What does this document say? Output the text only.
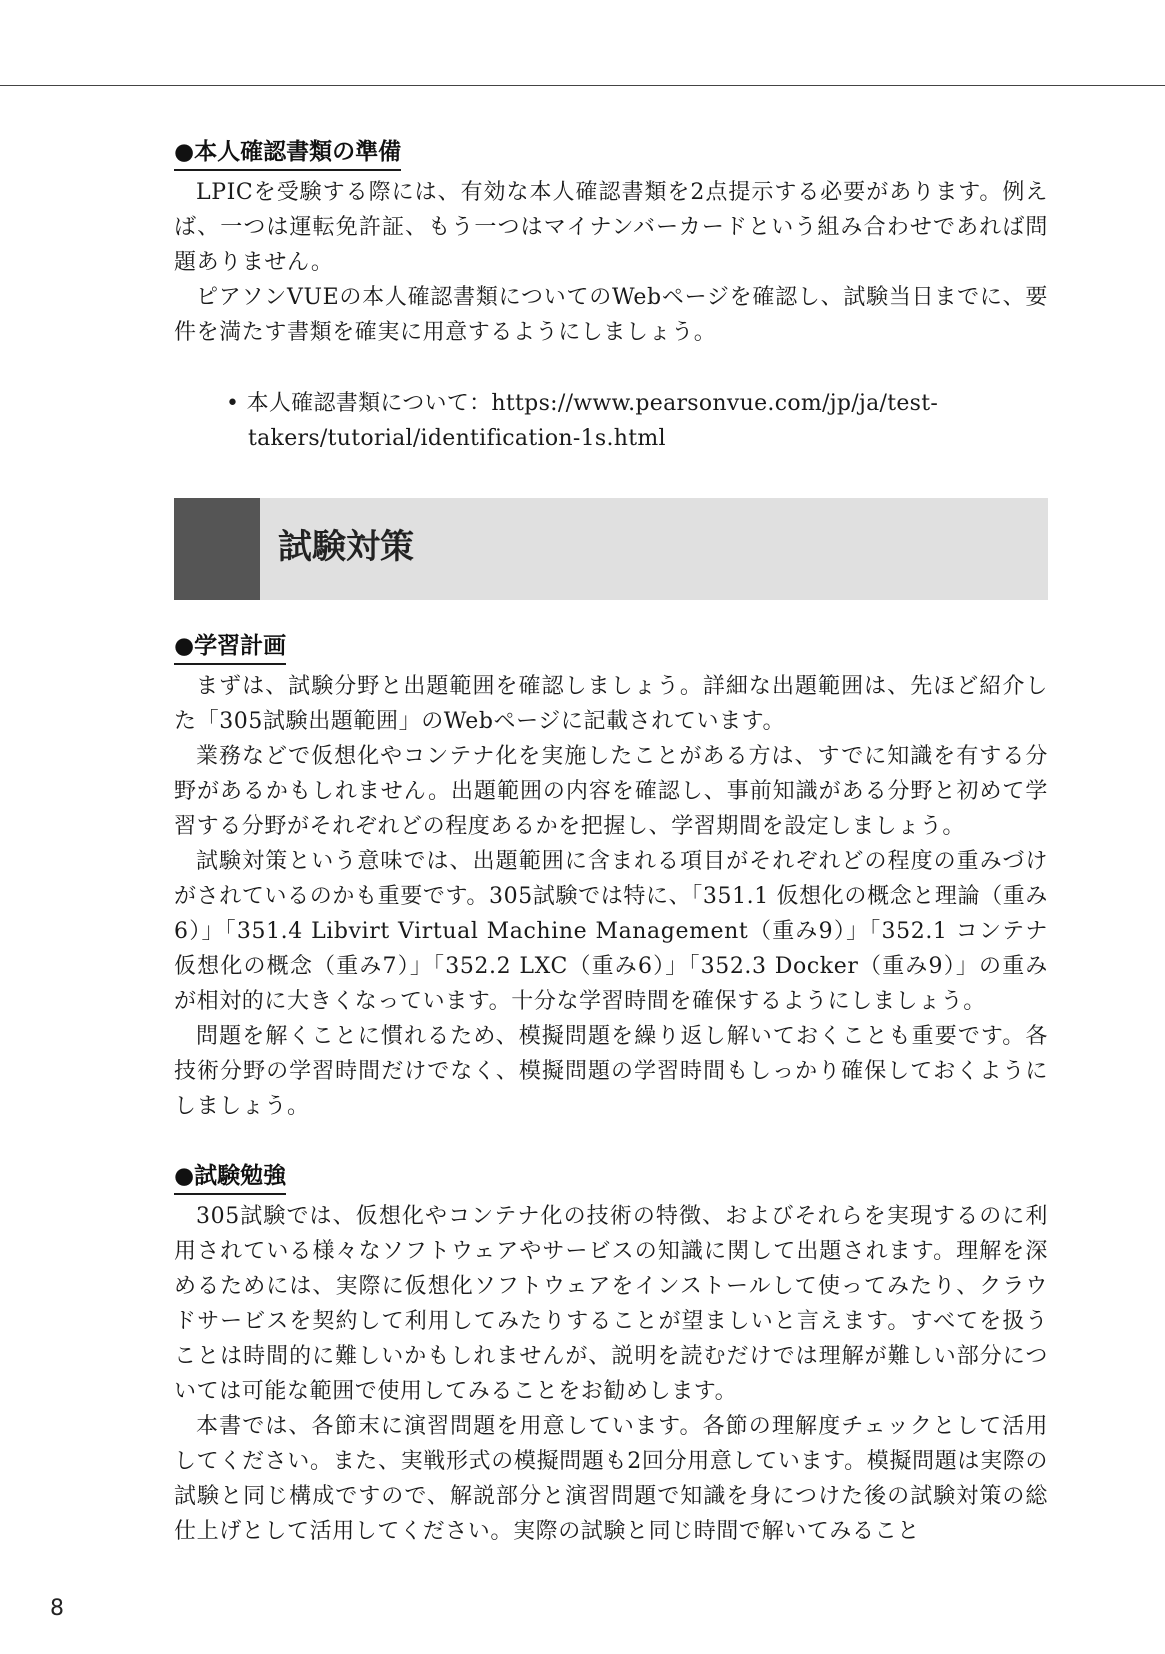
●本人確認書類の準備

LPICを受験する際には、有効な本人確認書類を2点提示する必要があります。例えば、一つは運転免許証、もう一つはマイナンバーカードという組み合わせであれば問題ありません。

ピアソンVUEの本人確認書類についてのWebページを確認し、試験当日までに、要件を満たす書類を確実に用意するようにしましょう。

• 本人確認書類について：https://www.pearsonvue.com/jp/ja/test-takers/tutorial/identification-1s.html

試験対策
●学習計画

まずは、試験分野と出題範囲を確認しましょう。詳細な出題範囲は、先ほど紹介した「305試験出題範囲」のWebページに記載されています。

業務などで仮想化やコンテナ化を実施したことがある方は、すでに知識を有する分野があるかもしれません。出題範囲の内容を確認し、事前知識がある分野と初めて学習する分野がそれぞれどの程度あるかを把握し、学習期間を設定しましょう。

試験対策という意味では、出題範囲に含まれる項目がそれぞれどの程度の重みづけがされているのかも重要です。305試験では特に、「351.1 仮想化の概念と理論（重み6）」「351.4 Libvirt Virtual Machine Management（重み9）」「352.1 コンテナ仮想化の概念（重み7）」「352.2 LXC（重み6）」「352.3 Docker（重み9）」の重みが相対的に大きくなっています。十分な学習時間を確保するようにしましょう。

問題を解くことに慣れるため、模擬問題を繰り返し解いておくことも重要です。各技術分野の学習時間だけでなく、模擬問題の学習時間もしっかり確保しておくようにしましょう。

●試験勉強

305試験では、仮想化やコンテナ化の技術の特徴、およびそれらを実現するのに利用されている様々なソフトウェアやサービスの知識に関して出題されます。理解を深めるためには、実際に仮想化ソフトウェアをインストールして使ってみたり、クラウドサービスを契約して利用してみたりすることが望ましいと言えます。すべてを扱うことは時間的に難しいかもしれませんが、説明を読むだけでは理解が難しい部分については可能な範囲で使用してみることをお勧めします。

本書では、各節末に演習問題を用意しています。各節の理解度チェックとして活用してください。また、実戦形式の模擬問題も2回分用意しています。模擬問題は実際の試験と同じ構成ですので、解説部分と演習問題で知識を身につけた後の試験対策の総仕上げとして活用してください。実際の試験と同じ時間で解いてみること

8
